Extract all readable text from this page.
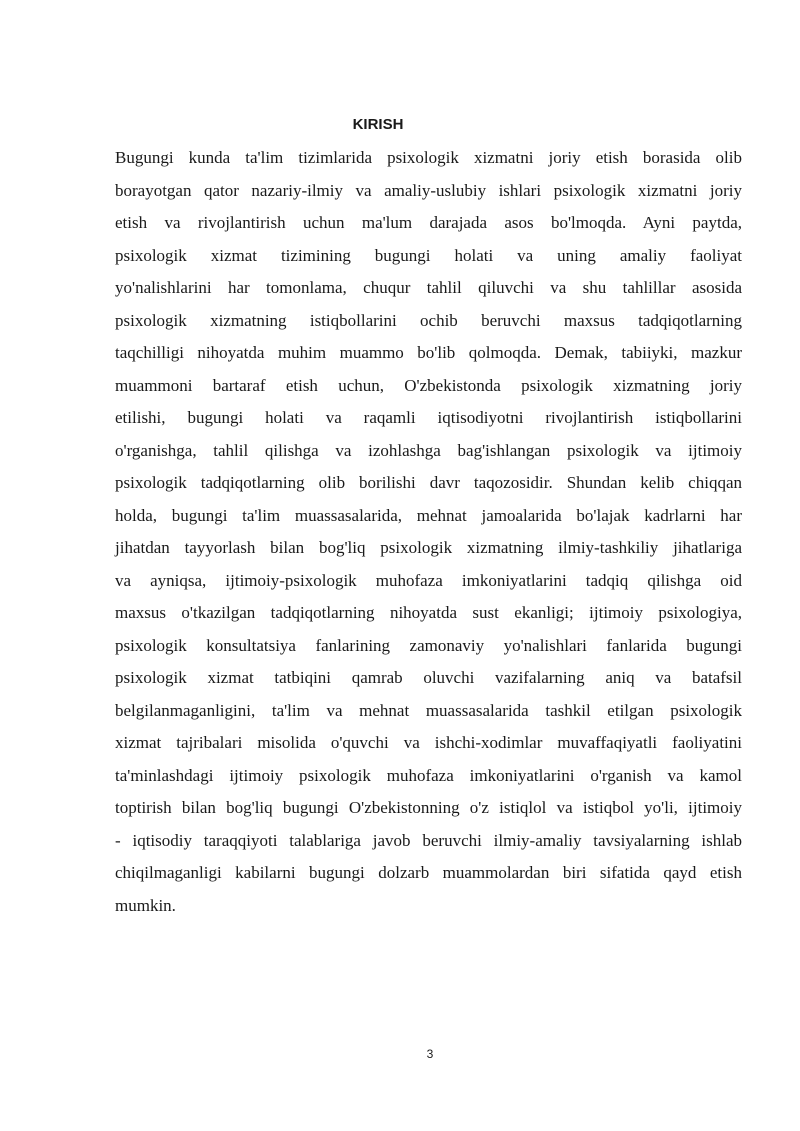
KIRISH
Bugungi kunda ta'lim tizimlarida psixologik xizmatni joriy etish borasida olib
borayotgan qator nazariy-ilmiy va amaliy-uslubiy ishlari psixologik xizmatni joriy
etish va rivojlantirish uchun ma'lum darajada asos bo'lmoqda. Ayni paytda,
psixologik xizmat tizimining bugungi holati va uning amaliy faoliyat
yo'nalishlarini har tomonlama, chuqur tahlil qiluvchi va shu tahlillar asosida
psixologik xizmatning istiqbollarini ochib beruvchi maxsus tadqiqotlarning
taqchilligi nihoyatda muhim muammo bo'lib qolmoqda. Demak, tabiiyki, mazkur
muammoni bartaraf etish uchun, O'zbekistonda psixologik xizmatning joriy
etilishi, bugungi holati va raqamli iqtisodiyotni rivojlantirish istiqbollarini
o'rganishga, tahlil qilishga va izohlashga bag'ishlangan psixologik va ijtimoiy
psixologik tadqiqotlarning olib borilishi davr taqozosidir. Shundan kelib chiqqan
holda, bugungi ta'lim muassasalarida, mehnat jamoalarida bo'lajak kadrlarni har
jihatdan tayyorlash bilan bog'liq psixologik xizmatning ilmiy-tashkiliy jihatlariga
va ayniqsa, ijtimoiy-psixologik muhofaza imkoniyatlarini tadqiq qilishga oid
maxsus o'tkazilgan tadqiqotlarning nihoyatda sust ekanligi; ijtimoiy psixologiya,
psixologik konsultatsiya fanlarining zamonaviy yo'nalishlari fanlarida bugungi
psixologik xizmat tatbiqini qamrab oluvchi vazifalarning aniq va batafsil
belgilanmaganligini, ta'lim va mehnat muassasalarida tashkil etilgan psixologik
xizmat tajribalari misolida o'quvchi va ishchi-xodimlar muvaffaqiyatli faoliyatini
ta'minlashdagi ijtimoiy psixologik muhofaza imkoniyatlarini o'rganish va kamol
toptirish bilan bog'liq bugungi O'zbekistonning o'z istiqlol va istiqbol yo'li, ijtimoiy
- iqtisodiy taraqqiyoti talablariga javob beruvchi ilmiy-amaliy tavsiyalarning ishlab
chiqilmaganligi kabilarni bugungi dolzarb muammolardan biri sifatida qayd etish
mumkin.
3
